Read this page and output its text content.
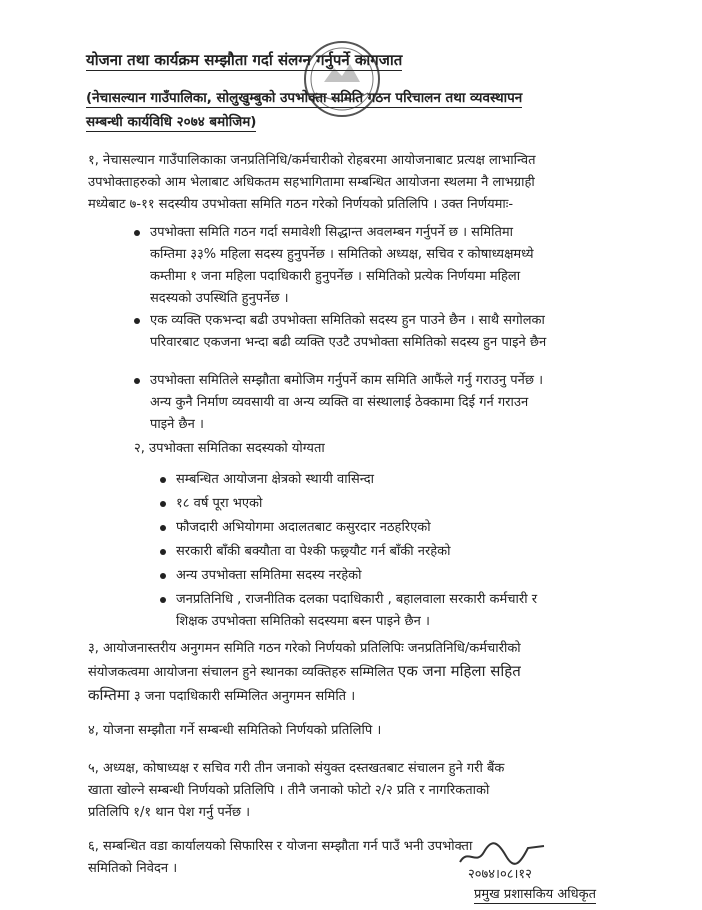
योजना तथा कार्यक्रम सम्झौता गर्दा संलग्न गर्नुपर्ने कागजात
(नेचासल्यान गाउँपालिका, सोलुखुम्बुको उपभोक्ता समिति गठन परिचालन तथा व्यवस्थापन
सम्बन्धी कार्यविधि २०७४ बमोजिम)
१, नेचासल्यान गाउँपालिकाका जनप्रतिनिधि/कर्मचारीको रोहबरमा आयोजनाबाट प्रत्यक्ष लाभान्वित
उपभोक्ताहरुको आम भेलाबाट अधिकतम सहभागितामा सम्बन्धित आयोजना स्थलमा नै लाभग्राही
मध्येबाट ७-११ सदस्यीय उपभोक्ता समिति गठन गरेको निर्णयको प्रतिलिपि । उक्त निर्णयमाः-
उपभोक्ता समिति गठन गर्दा समावेशी सिद्धान्त अवलम्बन गर्नुपर्ने छ । समितिमा
कम्तिमा ३३% महिला सदस्य हुनुपर्नेछ । समितिको अध्यक्ष, सचिव र कोषाध्यक्षमध्ये
कम्तीमा १ जना महिला पदाधिकारी हुनुपर्नेछ । समितिको प्रत्येक निर्णयमा महिला
सदस्यको उपस्थिति हुनुपर्नेछ ।
एक व्यक्ति एकभन्दा बढी उपभोक्ता समितिको सदस्य हुन पाउने छैन । साथै सगोलका
परिवारबाट एकजना भन्दा बढी व्यक्ति एउटै उपभोक्ता समितिको सदस्य हुन पाइने छैन
उपभोक्ता समितिले सम्झौता बमोजिम गर्नुपर्ने काम समिति आफैंले गर्नु गराउनु पर्नेछ ।
अन्य कुनै निर्माण व्यवसायी वा अन्य व्यक्ति वा संस्थालाई ठेक्कामा दिई गर्न गराउन
पाइने छैन ।
२, उपभोक्ता समितिका सदस्यको योग्यता
सम्बन्धित आयोजना क्षेत्रको स्थायी वासिन्दा
१८ वर्ष पूरा भएको
फौजदारी अभियोगमा अदालतबाट कसुरदार नठहरिएको
सरकारी बाँकी बक्यौता वा पेश्की फछ्र्यौट गर्न बाँकी नरहेको
अन्य उपभोक्ता समितिमा सदस्य नरहेको
जनप्रतिनिधि , राजनीतिक दलका पदाधिकारी , बहालवाला सरकारी कर्मचारी र
शिक्षक उपभोक्ता समितिको सदस्यमा बस्न पाइने छैन ।
३, आयोजनास्तरीय अनुगमन समिति गठन गरेको निर्णयको प्रतिलिपिः जनप्रतिनिधि/कर्मचारीको
संयोजकत्वमा आयोजना संचालन हुने स्थानका व्यक्तिहरु सम्मिलित एक जना महिला सहित
कम्तिमा ३ जना पदाधिकारी सम्मिलित अनुगमन समिति ।
४, योजना सम्झौता गर्ने सम्बन्धी समितिको निर्णयको प्रतिलिपि ।
५, अध्यक्ष, कोषाध्यक्ष र सचिव गरी तीन जनाको संयुक्त दस्तखतबाट संचालन हुने गरी बैंक
खाता खोल्ने सम्बन्धी निर्णयको प्रतिलिपि । तीनै जनाको फोटो २/२ प्रति र नागरिकताको
प्रतिलिपि १/१ थान पेश गर्नु पर्नेछ ।
६, सम्बन्धित वडा कार्यालयको सिफारिस र योजना सम्झौता गर्न पाउँ भनी उपभोक्ता
समितिको निवेदन ।	२०७४।०८।१२
प्रमुख प्रशासकिय अधिकृत
